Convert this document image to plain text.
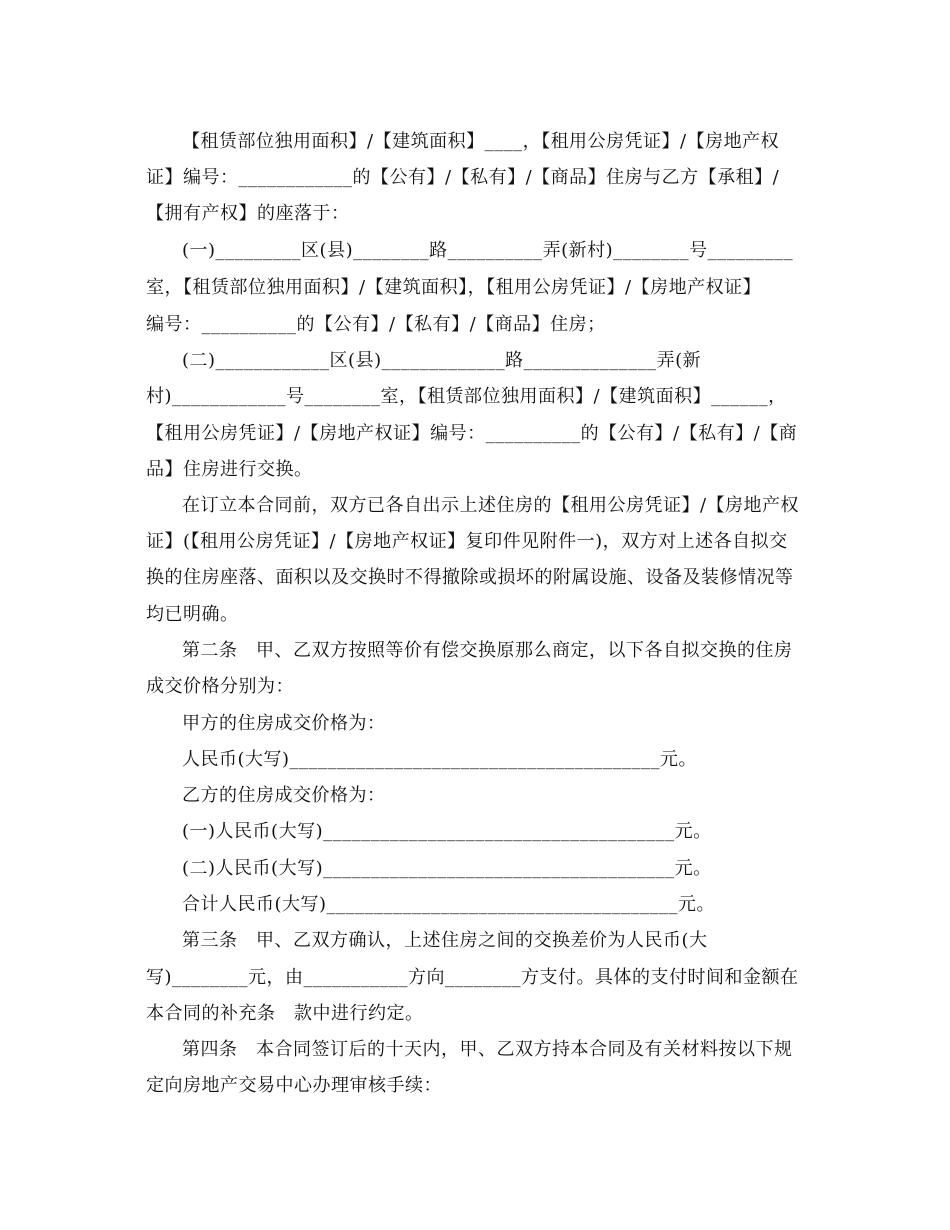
【租赁部位独用面积】/【建筑面积】____，【租用公房凭证】/【房地产权
证】编号：____________的【公有】/【私有】/【商品】住房与乙方【承租】/
【拥有产权】的座落于：
(一)_________区(县)________路__________弄(新村)________号_________
室，【租赁部位独用面积】/【建筑面积】，【租用公房凭证】/【房地产权证】
编号：__________的【公有】/【私有】/【商品】住房；
(二)____________区(县)_____________路______________弄(新
村)____________号________室，【租赁部位独用面积】/【建筑面积】______，
【租用公房凭证】/【房地产权证】编号：__________的【公有】/【私有】/【商
品】住房进行交换。
在订立本合同前，双方已各自出示上述住房的【租用公房凭证】/【房地产权
证】(【租用公房凭证】/【房地产权证】复印件见附件一)，双方对上述各自拟交
换的住房座落、面积以及交换时不得撤除或损坏的附属设施、设备及装修情况等
均已明确。
第二条　甲、乙双方按照等价有偿交换原那么商定，以下各自拟交换的住房
成交价格分别为：
甲方的住房成交价格为：
人民币(大写)_______________________________________元。
乙方的住房成交价格为：
(一)人民币(大写)_____________________________________元。
(二)人民币(大写)_____________________________________元。
合计人民币(大写)_____________________________________元。
第三条　甲、乙双方确认，上述住房之间的交换差价为人民币(大
写)________元，由___________方向________方支付。具体的支付时间和金额在
本合同的补充条　款中进行约定。
第四条　本合同签订后的十天内，甲、乙双方持本合同及有关材料按以下规
定向房地产交易中心办理审核手续：
